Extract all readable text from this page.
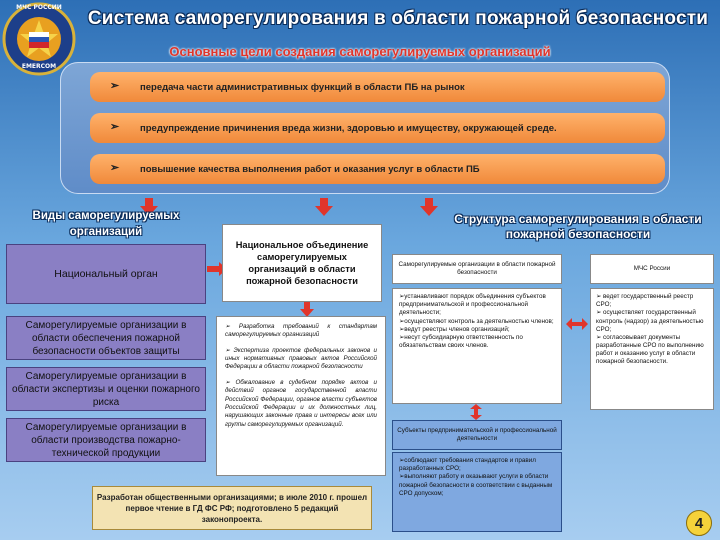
МЧС РОССИИ
EMERCOM
Система саморегулирования в области пожарной безопасности
Основные цели создания саморегулируемых организаций
➢ передача части административных функций в области ПБ на рынок
➢ предупреждение причинения вреда жизни, здоровью и имуществу, окружающей среде.
➢ повышение качества выполнения работ и оказания услуг в области ПБ
Виды саморегулируемых организаций
Национальный орган
Саморегулируемые организации в области обеспечения пожарной безопасности объектов защиты
Саморегулируемые организации в области экспертизы и оценки пожарного риска
Саморегулируемые организации в области производства пожарно-технической продукции
Национальное объединение саморегулируемых организаций в области пожарной безопасности

➢ Разработка требований к стандартам саморегулируемых организаций

➢ Экспертиза проектов федеральных законов и иных нормативных правовых актов Российской Федерации в области пожарной безопасности

➢ Обжалование в судебном порядке актов и действий органов государственной власти Российской Федерации, органов власти субъектов Российской Федерации и их должностных лиц, нарушающих законные права и интересы всех или группы саморегулируемых организаций.

Разработан общественными организациями; в июле 2010 г. прошел первое чтение в ГД ФС РФ; подготовлено 5 редакций законопроекта.
Структура саморегулирования в области пожарной безопасности
Саморегулируемые организации в области пожарной безопасности
➢устанавливают порядок объединения субъектов предпринимательской и профессиональной деятельности;
➢осуществляют контроль за деятельностью членов;
➢ведут реестры членов организаций;
➢несут субсидиарную ответственность по обязательствам своих членов.
МЧС России
➢ ведет государственный реестр СРО;
➢ осуществляет государственный контроль (надзор) за деятельностью СРО;
➢ согласовывает документы разработанные СРО по выполнению работ и оказанию услуг в области пожарной безопасности.
Субъекты предпринимательской и профессиональной деятельности
➢соблюдают требования стандартов и правил разработанных СРО;
➢выполняют работу и оказывают услуги в области пожарной безопасности в соответствии с выданным СРО допуском;
4
